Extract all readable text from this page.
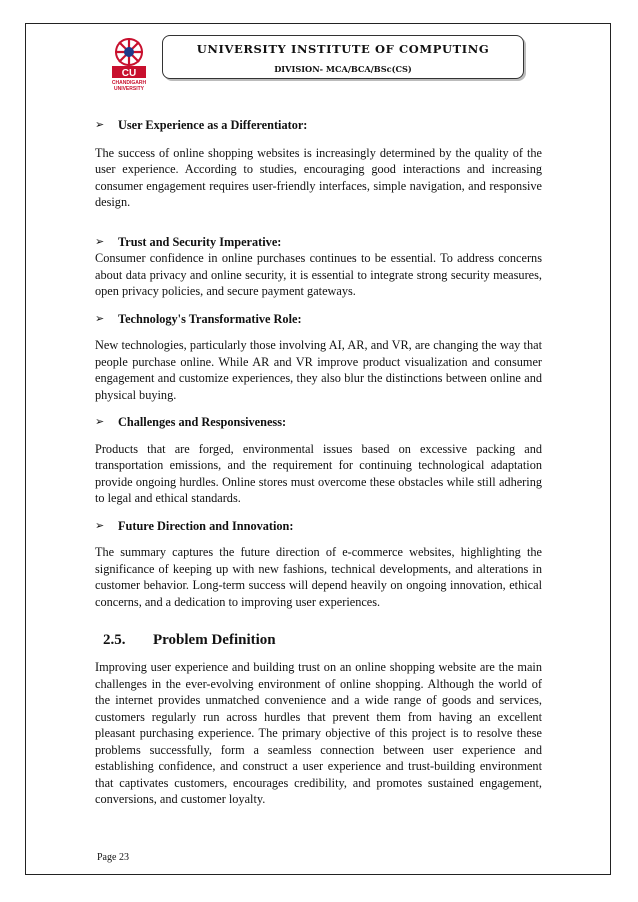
CU
CHANDIGARH
UNIVERSITY
UNIVERSITY INSTITUTE OF COMPUTING
DIVISION- MCA/BCA/BSc(CS)

➢	User Experience as a Differentiator:

The success of online shopping websites is increasingly determined by the quality of the user experience. According to studies, encouraging good interactions and increasing consumer engagement requires user-friendly interfaces, simple navigation, and responsive design.

➢	Trust and Security Imperative:

Consumer confidence in online purchases continues to be essential. To address concerns about data privacy and online security, it is essential to integrate strong security measures, open privacy policies, and secure payment gateways.

➢	Technology's Transformative Role:

New technologies, particularly those involving AI, AR, and VR, are changing the way that people purchase online. While AR and VR improve product visualization and consumer engagement and customize experiences, they also blur the distinctions between online and physical buying.

➢	Challenges and Responsiveness:

Products that are forged, environmental issues based on excessive packing and transportation emissions, and the requirement for continuing technological adaptation provide ongoing hurdles. Online stores must overcome these obstacles while still adhering to legal and ethical standards.

➢	Future Direction and Innovation:

The summary captures the future direction of e-commerce websites, highlighting the significance of keeping up with new fashions, technical developments, and alterations in customer behavior. Long-term success will depend heavily on ongoing innovation, ethical concerns, and a dedication to improving user experiences.

2.5.	Problem Definition

Improving user experience and building trust on an online shopping website are the main challenges in the ever-evolving environment of online shopping. Although the world of the internet provides unmatched convenience and a wide range of goods and services, customers regularly run across hurdles that prevent them from having an excellent pleasant purchasing experience. The primary objective of this project is to resolve these problems successfully, form a seamless connection between user experience and establishing confidence, and construct a user experience and trust-building environment that captivates customers, encourages credibility, and promotes sustained engagement, conversions, and customer loyalty.

Page 23
